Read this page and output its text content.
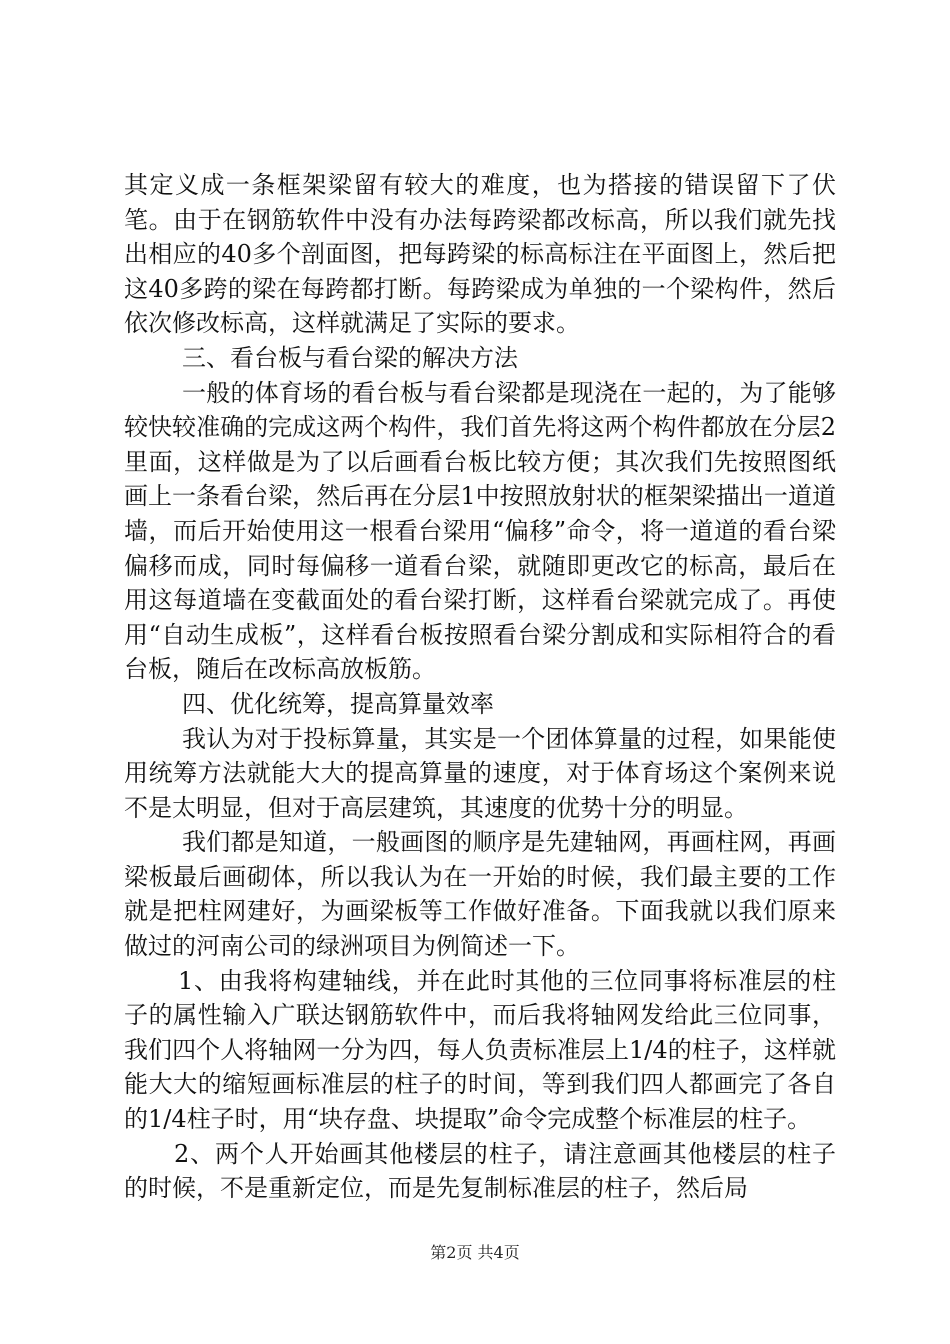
其定义成一条框架梁留有较大的难度，也为搭接的错误留下了伏笔。由于在钢筋软件中没有办法每跨梁都改标高，所以我们就先找出相应的40多个剖面图，把每跨梁的标高标注在平面图上，然后把这40多跨的梁在每跨都打断。每跨梁成为单独的一个梁构件，然后依次修改标高，这样就满足了实际的要求。

三、看台板与看台梁的解决方法

一般的体育场的看台板与看台梁都是现浇在一起的，为了能够较快较准确的完成这两个构件，我们首先将这两个构件都放在分层2里面，这样做是为了以后画看台板比较方便；其次我们先按照图纸画上一条看台梁，然后再在分层1中按照放射状的框架梁描出一道道墙，而后开始使用这一根看台梁用“偏移”命令，将一道道的看台梁偏移而成，同时每偏移一道看台梁，就随即更改它的标高，最后在用这每道墙在变截面处的看台梁打断，这样看台梁就完成了。再使用“自动生成板”，这样看台板按照看台梁分割成和实际相符合的看台板，随后在改标高放板筋。

四、优化统筹，提高算量效率

我认为对于投标算量，其实是一个团体算量的过程，如果能使用统筹方法就能大大的提高算量的速度，对于体育场这个案例来说不是太明显，但对于高层建筑，其速度的优势十分的明显。

我们都是知道，一般画图的顺序是先建轴网，再画柱网，再画梁板最后画砌体，所以我认为在一开始的时候，我们最主要的工作就是把柱网建好，为画梁板等工作做好准备。下面我就以我们原来做过的河南公司的绿洲项目为例简述一下。

1、由我将构建轴线，并在此时其他的三位同事将标准层的柱子的属性输入广联达钢筋软件中，而后我将轴网发给此三位同事，我们四个人将轴网一分为四，每人负责标准层上1/4的柱子，这样就能大大的缩短画标准层的柱子的时间，等到我们四人都画完了各自的1/4柱子时，用“块存盘、块提取”命令完成整个标准层的柱子。

2、两个人开始画其他楼层的柱子，请注意画其他楼层的柱子的时候，不是重新定位，而是先复制标准层的柱子，然后局

第2页 共4页
